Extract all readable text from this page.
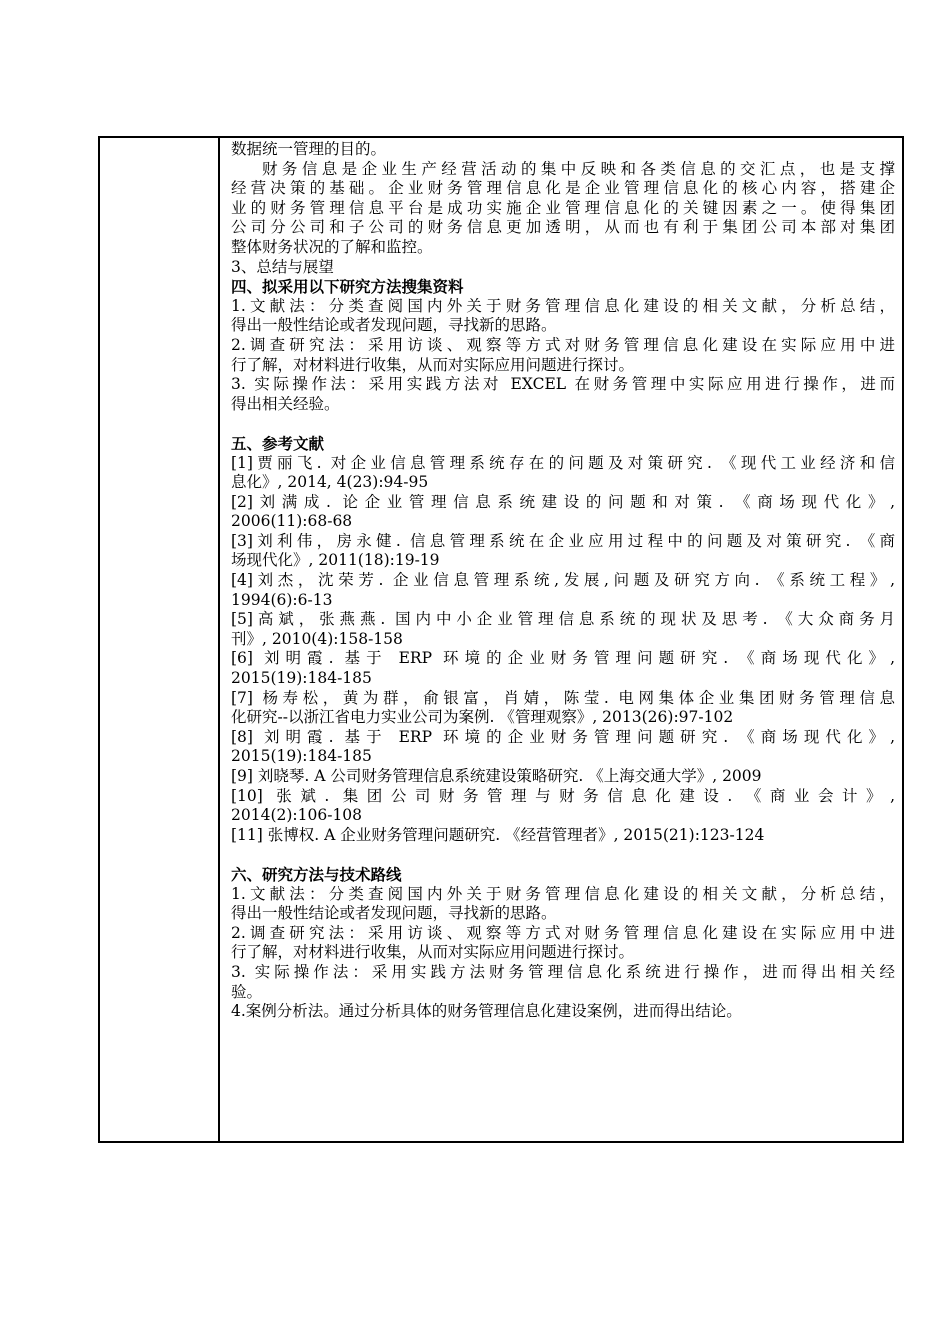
数据统一管理的目的。
财务信息是企业生产经营活动的集中反映和各类信息的交汇点，也是支撑
经营决策的基础。企业财务管理信息化是企业管理信息化的核心内容，搭建企
业的财务管理信息平台是成功实施企业管理信息化的关键因素之一。使得集团
公司分公司和子公司的财务信息更加透明，从而也有利于集团公司本部对集团
整体财务状况的了解和监控。
3、总结与展望
四、拟采用以下研究方法搜集资料
1.文献法：分类查阅国内外关于财务管理信息化建设的相关文献，分析总结，
得出一般性结论或者发现问题，寻找新的思路。
2.调查研究法：采用访谈、观察等方式对财务管理信息化建设在实际应用中进
行了解，对材料进行收集，从而对实际应用问题进行探讨。
3. 实际操作法：采用实践方法对 EXCEL 在财务管理中实际应用进行操作，进而
得出相关经验。
五、参考文献
[1]贾丽飞. 对企业信息管理系统存在的问题及对策研究. 《现代工业经济和信
息化》, 2014, 4(23):94-95
[2]刘满成. 论企业管理信息系统建设的问题和对策. 《商场现代化》,
2006(11):68-68
[3]刘利伟，房永健. 信息管理系统在企业应用过程中的问题及对策研究. 《商
场现代化》, 2011(18):19-19
[4]刘杰，沈荣芳. 企业信息管理系统,发展,问题及研究方向. 《系统工程》,
1994(6):6-13
[5]高斌，张燕燕. 国内中小企业管理信息系统的现状及思考. 《大众商务月
刊》, 2010(4):158-158
[6] 刘明霞. 基于 ERP 环境的企业财务管理问题研究. 《商场现代化》,
2015(19):184-185
[7] 杨寿松，黄为群，俞银富，肖婧，陈莹. 电网集体企业集团财务管理信息
化研究--以浙江省电力实业公司为案例. 《管理观察》, 2013(26):97-102
[8] 刘明霞. 基于 ERP 环境的企业财务管理问题研究. 《商场现代化》,
2015(19):184-185
[9] 刘晓琴. A 公司财务管理信息系统建设策略研究. 《上海交通大学》, 2009
[10] 张斌. 集团公司财务管理与财务信息化建设. 《商业会计》,
2014(2):106-108
[11] 张博权. A 企业财务管理问题研究. 《经营管理者》, 2015(21):123-124
六、研究方法与技术路线
1.文献法：分类查阅国内外关于财务管理信息化建设的相关文献，分析总结，
得出一般性结论或者发现问题，寻找新的思路。
2.调查研究法：采用访谈、观察等方式对财务管理信息化建设在实际应用中进
行了解，对材料进行收集，从而对实际应用问题进行探讨。
3. 实际操作法：采用实践方法财务管理信息化系统进行操作，进而得出相关经
验。
4.案例分析法。通过分析具体的财务管理信息化建设案例，进而得出结论。
